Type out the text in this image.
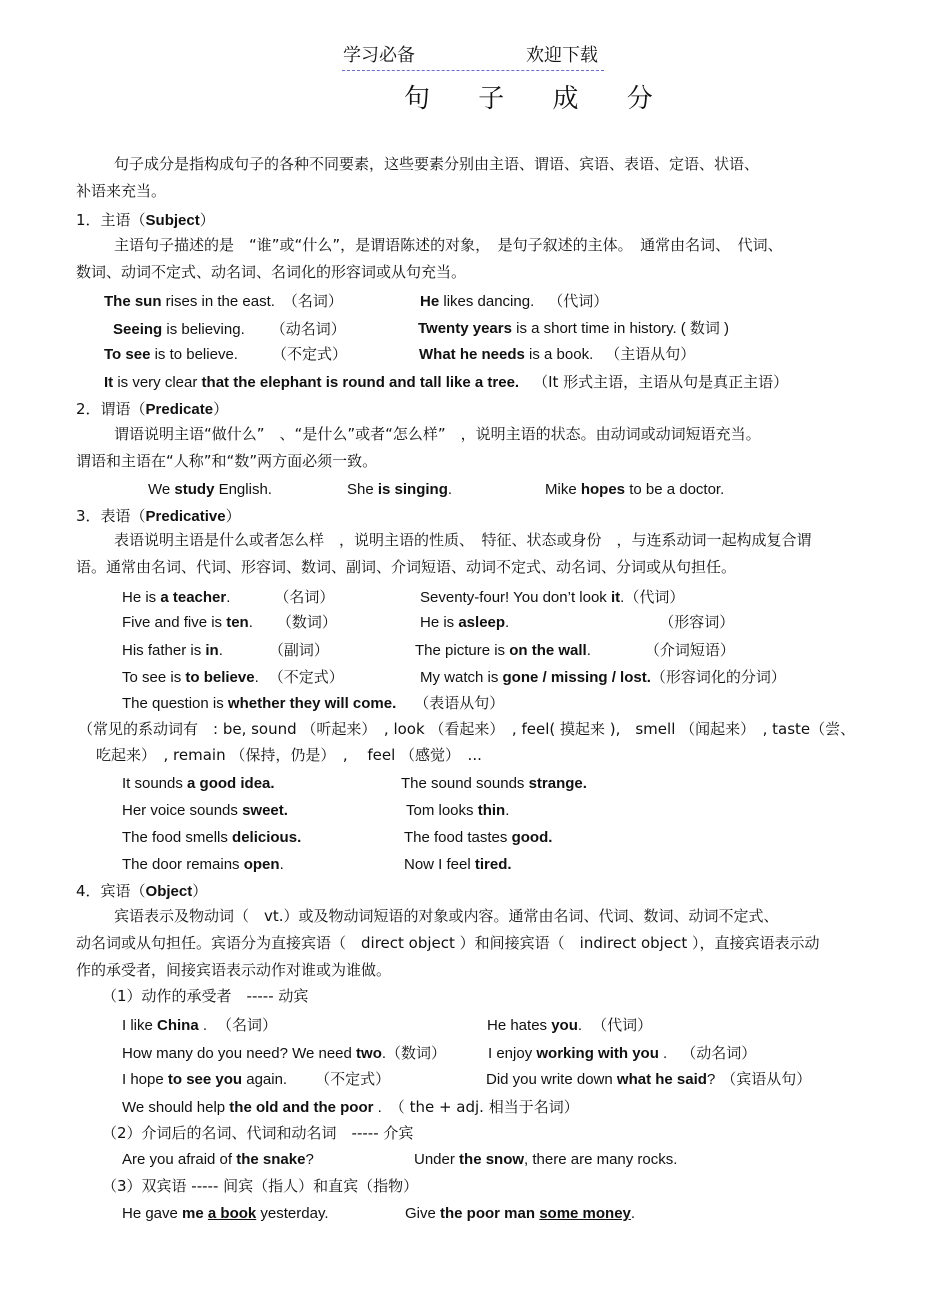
学习必备	欢迎下载
句 子 成 分
句子成分是指构成句子的各种不同要素，这些要素分别由主语、谓语、宾语、表语、定语、状语、
补语来充当。
1．主语（Subject）
主语句子描述的是　“谁”或“什么”，是谓语陈述的对象，　是句子叙述的主体。　通常由名词、　代词、
数词、动词不定式、动名词、名词化的形容词或从句充当。
The sun rises in the east. （名词）	He likes dancing. （代词）
Seeing is believing. （动名词）	Twenty years is a short time in history. ( 数词 )
To see is to believe. （不定式）	What he needs is a book. （主语从句）
It is very clear that the elephant is round and tall like a tree. （It 形式主语，主语从句是真正主语）
2．谓语（Predicate）
谓语说明主语“做什么”　、“是什么”或者“怎么样”　，说明主语的状态。由动词或动词短语充当。
谓语和主语在“人称”和“数”两方面必须一致。
We study English.	She is singing.	Mike hopes to be a doctor.
3．表语（Predicative）
表语说明主语是什么或者怎么样　，说明主语的性质、　特征、状态或身份　，与连系动词一起构成复合谓
语。通常由名词、代词、形容词、数词、副词、介词短语、动词不定式、动名词、分词或从句担任。
He is a teacher.	（名词）	Seventy-four! You don’t look it.（代词）
Five and five is ten. （数词）	He is asleep.	（形容词）
His father is in.	（副词）	The picture is on the wall.	（介词短语）
To see is to believe. （不定式）	My watch is gone / missing / lost.（形容词化的分词）
The question is whether they will come. （表语从句）
（常见的系动词有　: be, sound （听起来）　, look （看起来）　, feel( 摸起来 ),　smell （闻起来）　, taste（尝、
吃起来）　, remain （保持，仍是）　,　 feel （感觉）　...
It sounds a good idea.	The sound sounds strange.
Her voice sounds sweet.	Tom looks thin.
The food smells delicious.	The food tastes good.
The door remains open.	Now I feel tired.
4．宾语（Object）
宾语表示及物动词（　vt.）或及物动词短语的对象或内容。通常由名词、代词、数词、动词不定式、
动名词或从句担任。宾语分为直接宾语（　direct object ）和间接宾语（　indirect object ），直接宾语表示动
作的承受者，间接宾语表示动作对谁或为谁做。
（1）动作的承受者　----- 动宾
I like China . （名词）	He hates you. （代词）
How many do you need? We need two.（数词）	I enjoy working with you . （动名词）
I hope to see you again. （不定式）	Did you write down what he said? （宾语从句）
We should help the old and the poor . （ the + adj. 相当于名词）
（2）介词后的名词、代词和动名词　----- 介宾
Are you afraid of the snake?	Under the snow, there are many rocks.
（3）双宾语 ----- 间宾（指人）和直宾（指物）
He gave me a book yesterday.	Give the poor man some money.
